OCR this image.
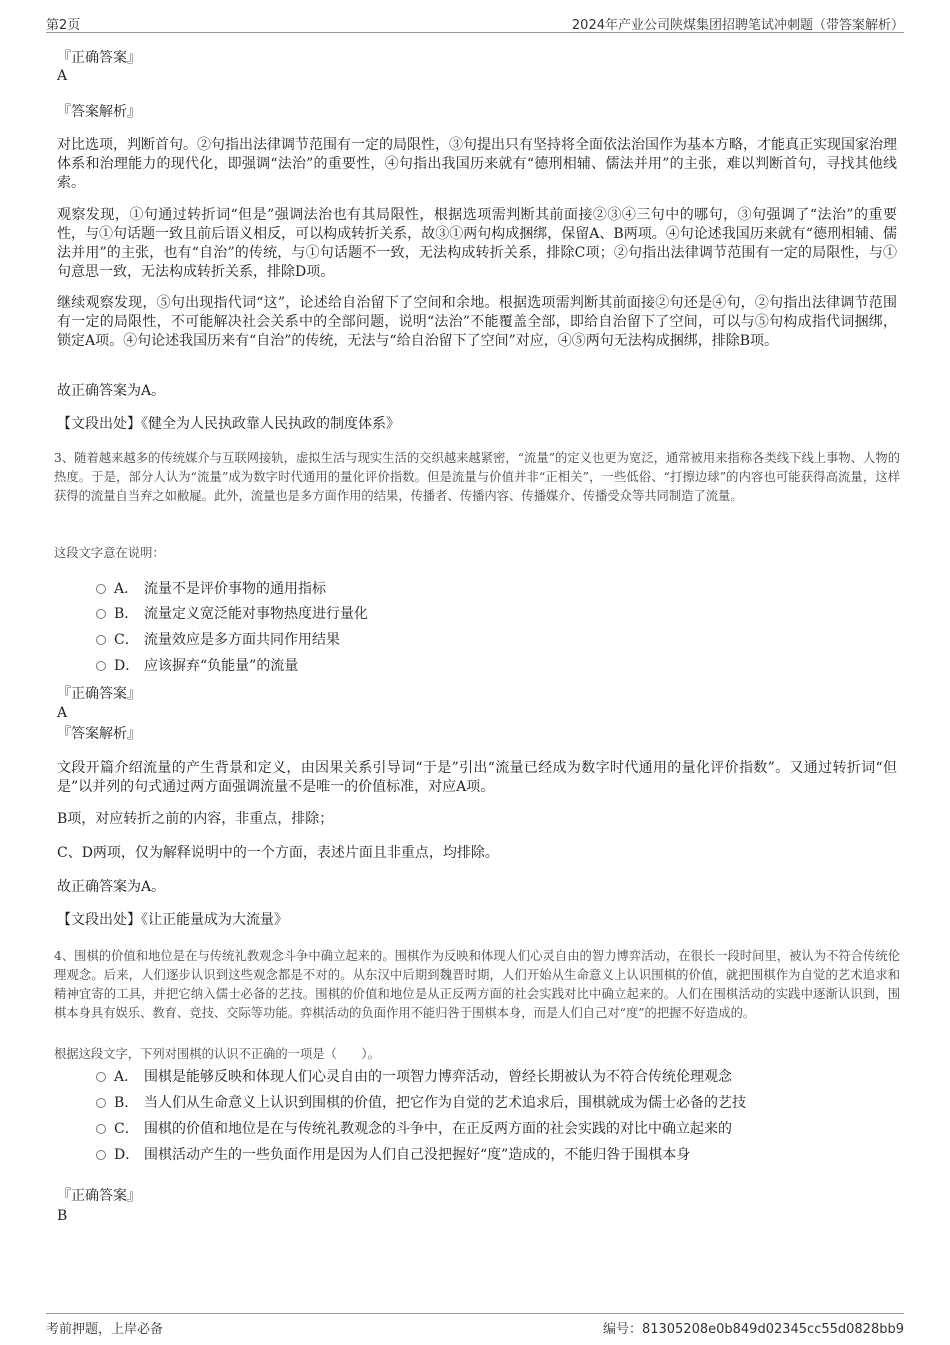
第2页	2024年产业公司陕煤集团招聘笔试冲刺题（带答案解析）
『正确答案』
A
『答案解析』
对比选项，判断首句。②句指出法律调节范围有一定的局限性，③句提出只有坚持将全面依法治国作为基本方略，才能真正实现国家治理体系和治理能力的现代化，即强调“法治”的重要性，④句指出我国历来就有“德刑相辅、儒法并用”的主张，难以判断首句，寻找其他线索。
观察发现，①句通过转折词“但是”强调法治也有其局限性，根据选项需判断其前面接②③④三句中的哪句，③句强调了“法治”的重要性，与①句话题一致且前后语义相反，可以构成转折关系，故③①两句构成捆绑，保留A、B两项。④句论述我国历来就有“德刑相辅、儒法并用”的主张，也有“自治”的传统，与①句话题不一致，无法构成转折关系，排除C项；②句指出法律调节范围有一定的局限性，与①句意思一致，无法构成转折关系，排除D项。
继续观察发现，⑤句出现指代词“这”，论述给自治留下了空间和余地。根据选项需判断其前面接②句还是④句，②句指出法律调节范围有一定的局限性，不可能解决社会关系中的全部问题，说明“法治”不能覆盖全部，即给自治留下了空间，可以与⑤句构成指代词捆绑，锁定A项。④句论述我国历来有“自治”的传统，无法与“给自治留下了空间”对应，④⑤两句无法构成捆绑，排除B项。
故正确答案为A。
【文段出处】《健全为人民执政靠人民执政的制度体系》
3、随着越来越多的传统媒介与互联网接轨，虚拟生活与现实生活的交织越来越紧密，“流量”的定义也更为宽泛，通常被用来指称各类线下线上事物、人物的热度。于是，部分人认为“流量”成为数字时代通用的量化评价指数。但是流量与价值并非“正相关”，一些低俗、“打擦边球”的内容也可能获得高流量，这样获得的流量自当弃之如敝屣。此外，流量也是多方面作用的结果，传播者、传播内容、传播媒介、传播受众等共同制造了流量。
这段文字意在说明：
A． 流量不是评价事物的通用指标
B． 流量定义宽泛能对事物热度进行量化
C． 流量效应是多方面共同作用结果
D． 应该摒弃“负能量”的流量
『正确答案』
A
『答案解析』
文段开篇介绍流量的产生背景和定义，由因果关系引导词“于是”引出“流量已经成为数字时代通用的量化评价指数”。又通过转折词“但是”以并列的句式通过两方面强调流量不是唯一的价值标准，对应A项。
B项，对应转折之前的内容，非重点，排除；
C、D两项，仅为解释说明中的一个方面，表述片面且非重点，均排除。
故正确答案为A。
【文段出处】《让正能量成为大流量》
4、围棋的价值和地位是在与传统礼教观念斗争中确立起来的。围棋作为反映和体现人们心灵自由的智力博弈活动，在很长一段时间里，被认为不符合传统伦理观念。后来，人们逐步认识到这些观念都是不对的。从东汉中后期到魏晋时期，人们开始从生命意义上认识围棋的价值，就把围棋作为自觉的艺术追求和精神宜寄的工具，并把它纳入儒士必备的艺技。围棋的价值和地位是从正反两方面的社会实践对比中确立起来的。人们在围棋活动的实践中逐渐认识到，围棋本身具有娱乐、教育、竞技、交际等功能。弈棋活动的负面作用不能归咎于围棋本身，而是人们自己对“度”的把握不好造成的。
根据这段文字，下列对围棋的认识不正确的一项是（　　）。
A． 围棋是能够反映和体现人们心灵自由的一项智力博弈活动，曾经长期被认为不符合传统伦理观念
B． 当人们从生命意义上认识到围棋的价值，把它作为自觉的艺术追求后，围棋就成为儒士必备的艺技
C． 围棋的价值和地位是在与传统礼教观念的斗争中，在正反两方面的社会实践的对比中确立起来的
D． 围棋活动产生的一些负面作用是因为人们自己没把握好“度”造成的，不能归咎于围棋本身
『正确答案』
B
考前押题，上岸必备	编号：81305208e0b849d02345cc55d0828bb9
